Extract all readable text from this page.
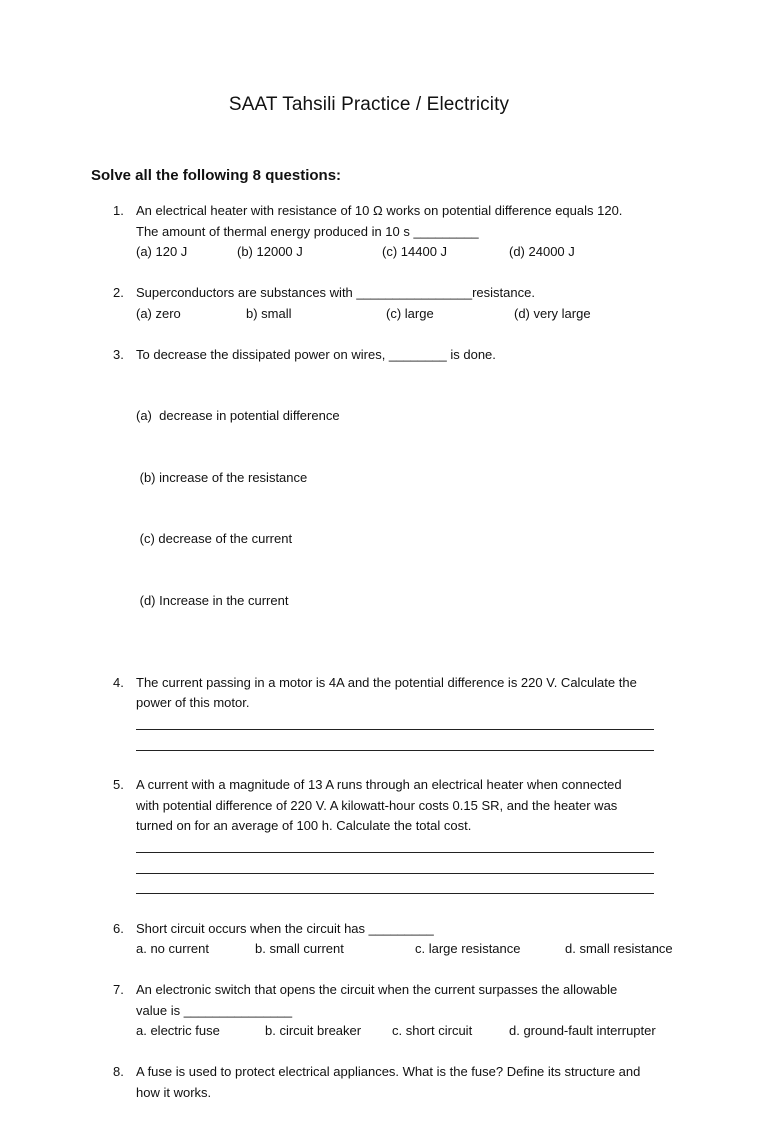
SAAT Tahsili Practice / Electricity
Solve all the following 8 questions:
1. An electrical heater with resistance of 10 Ω works on potential difference equals 120.
The amount of thermal energy produced in 10 s _________
(a) 120 J	(b) 12000 J	(c) 14400 J	(d) 24000 J
2. Superconductors are substances with ________________resistance.
(a) zero	b) small	(c) large	(d) very large
3. To decrease the dissipated power on wires, ________ is done.

(a)  decrease in potential difference

(b) increase of the resistance

(c) decrease of the current

(d) Increase in the current

4. The current passing in a motor is 4A and the potential difference is 220 V. Calculate the
power of this motor.
5. A current with a magnitude of 13 A runs through an electrical heater when connected
with potential difference of 220 V. A kilowatt-hour costs 0.15 SR, and the heater was
turned on for an average of 100 h. Calculate the total cost.
6. Short circuit occurs when the circuit has _________
a. no current	b. small current	c. large resistance	d. small resistance
7. An electronic switch that opens the circuit when the current surpasses the allowable
value is _______________
a. electric fuse	b. circuit breaker	c. short circuit	d. ground-fault interrupter
8. A fuse is used to protect electrical appliances. What is the fuse? Define its structure and
how it works.
